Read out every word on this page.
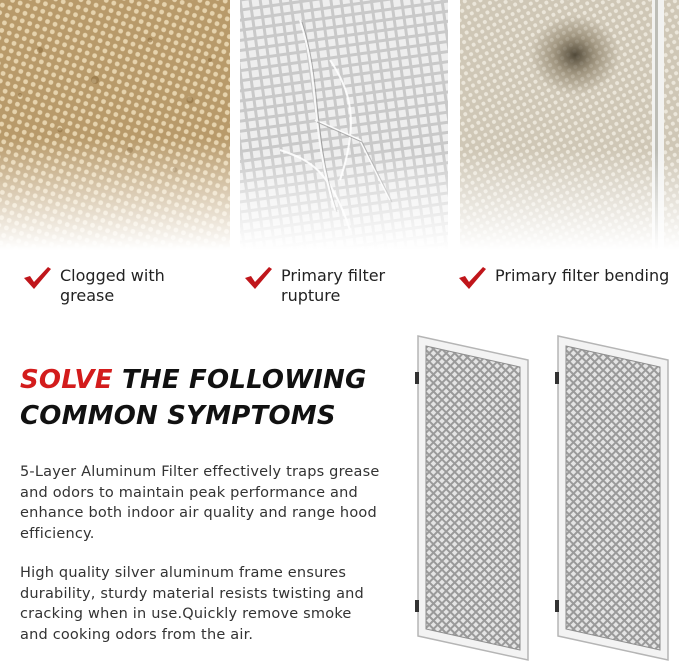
Clogged with grease
Primary filter rupture
Primary filter bending
SOLVE THE FOLLOWING
COMMON SYMPTOMS
5-Layer Aluminum Filter effectively traps grease and odors to maintain peak performance and enhance both indoor air quality and range hood efficiency.
High quality silver aluminum frame ensures durability, sturdy material resists twisting and cracking when in use.Quickly remove smoke and cooking odors from the air.
